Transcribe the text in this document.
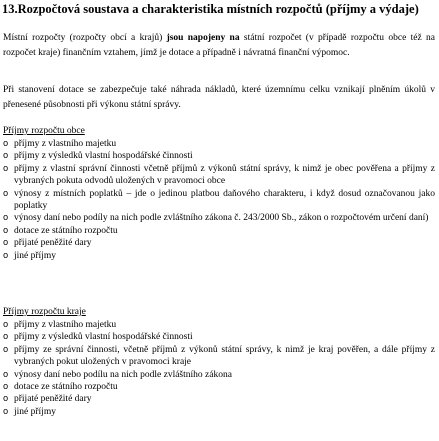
13.Rozpočtová soustava a charakteristika místních rozpočtů (příjmy a výdaje)
Místní rozpočty (rozpočty obcí a krajů) jsou napojeny na státní rozpočet (v případě rozpočtu obce též na rozpočet kraje) finančním vztahem, jímž je dotace a případně i návratná finanční výpomoc.
Při stanovení dotace se zabezpečuje také náhrada nákladů, které územnímu celku vznikají plněním úkolů v přenesené působnosti při výkonu státní správy.
Příjmy rozpočtu obce
o příjmy z vlastního majetku
o příjmy z výsledků vlastní hospodářské činnosti
o příjmy z vlastní správní činnosti včetně příjmů z výkonů státní správy, k nimž je obec pověřena a příjmy z vybraných pokuta odvodů uložených v pravomoci obce
o výnosy z místních poplatků – jde o jedinou platbou daňového charakteru, i když dosud označovanou jako poplatky
o výnosy daní nebo podíly na nich podle zvláštního zákona č. 243/2000 Sb., zákon o rozpočtovém určení daní)
o dotace ze státního rozpočtu
o přijaté peněžité dary
o jiné příjmy
Příjmy rozpočtu kraje
o příjmy z vlastního majetku
o příjmy z výsledků vlastní hospodářské činnosti
o příjmy ze správní činnosti, včetně příjmů z výkonů státní správy, k nimž je kraj pověřen, a dále příjmy z vybraných pokut uložených v pravomoci kraje
o výnosy daní nebo podílu na nich podle zvláštního zákona
o dotace ze státního rozpočtu
o přijaté peněžité dary
o jiné příjmy
